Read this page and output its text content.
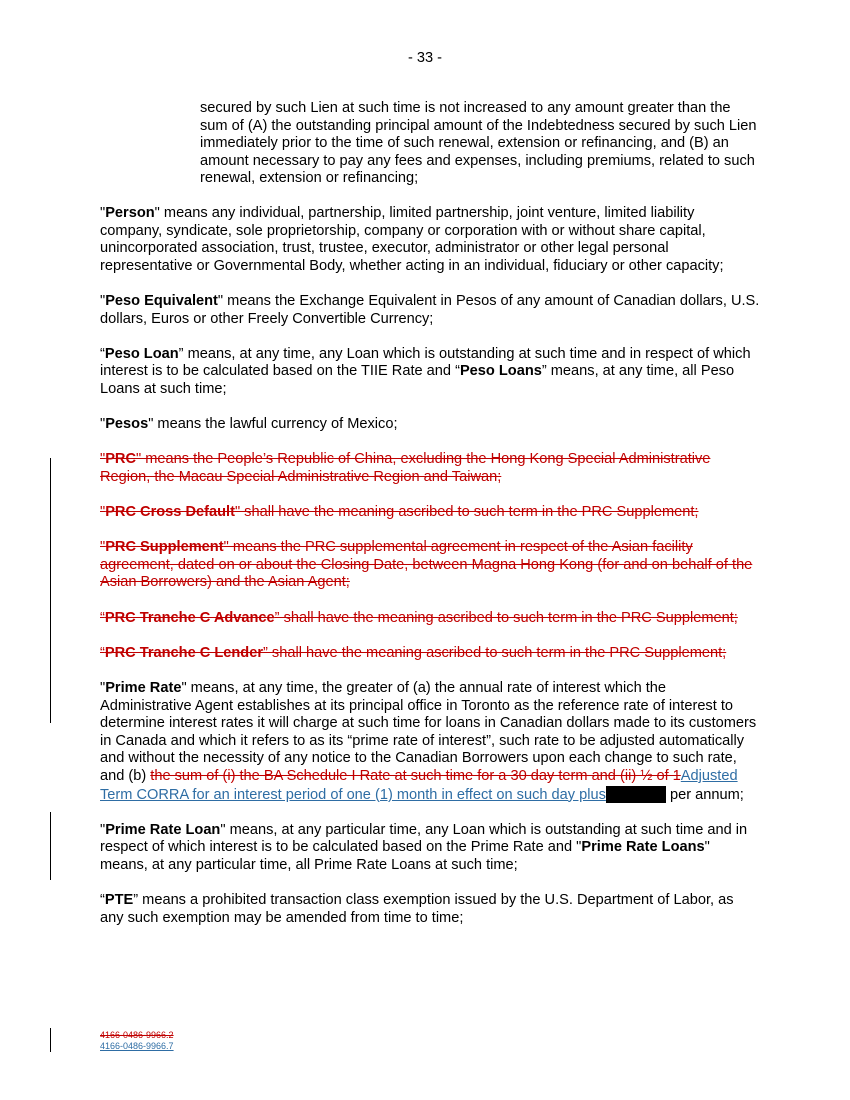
- 33 -

secured by such Lien at such time is not increased to any amount greater than the sum of (A) the outstanding principal amount of the Indebtedness secured by such Lien immediately prior to the time of such renewal, extension or refinancing, and (B) an amount necessary to pay any fees and expenses, including premiums, related to such renewal, extension or refinancing;

"Person" means any individual, partnership, limited partnership, joint venture, limited liability company, syndicate, sole proprietorship, company or corporation with or without share capital, unincorporated association, trust, trustee, executor, administrator or other legal personal representative or Governmental Body, whether acting in an individual, fiduciary or other capacity;

"Peso Equivalent" means the Exchange Equivalent in Pesos of any amount of Canadian dollars, U.S. dollars, Euros or other Freely Convertible Currency;

“Peso Loan” means, at any time, any Loan which is outstanding at such time and in respect of which interest is to be calculated based on the TIIE Rate and “Peso Loans” means, at any time, all Peso Loans at such time;

"Pesos" means the lawful currency of Mexico;

"PRC" means the People’s Republic of China, excluding the Hong Kong Special Administrative Region, the Macau Special Administrative Region and Taiwan;

"PRC Cross Default" shall have the meaning ascribed to such term in the PRC Supplement;

"PRC Supplement" means the PRC supplemental agreement in respect of the Asian facility agreement, dated on or about the Closing Date, between Magna Hong Kong (for and on behalf of the Asian Borrowers) and the Asian Agent;

“PRC Tranche C Advance” shall have the meaning ascribed to such term in the PRC Supplement;

“PRC Tranche C Lender” shall have the meaning ascribed to such term in the PRC Supplement;

"Prime Rate" means, at any time, the greater of (a) the annual rate of interest which the Administrative Agent establishes at its principal office in Toronto as the reference rate of interest to determine interest rates it will charge at such time for loans in Canadian dollars made to its customers in Canada and which it refers to as its “prime rate of interest”, such rate to be adjusted automatically and without the necessity of any notice to the Canadian Borrowers upon each change to such rate, and (b) the sum of (i) the BA Schedule I Rate at such time for a 30 day term and (ii) ½ of 1Adjusted Term CORRA for an interest period of one (1) month in effect on such day plus	per annum;

"Prime Rate Loan" means, at any particular time, any Loan which is outstanding at such time and in respect of which interest is to be calculated based on the Prime Rate and "Prime Rate Loans" means, at any particular time, all Prime Rate Loans at such time;

“PTE” means a prohibited transaction class exemption issued by the U.S. Department of Labor, as any such exemption may be amended from time to time;

4166-0486-9966.2
4166-0486-9966.7
